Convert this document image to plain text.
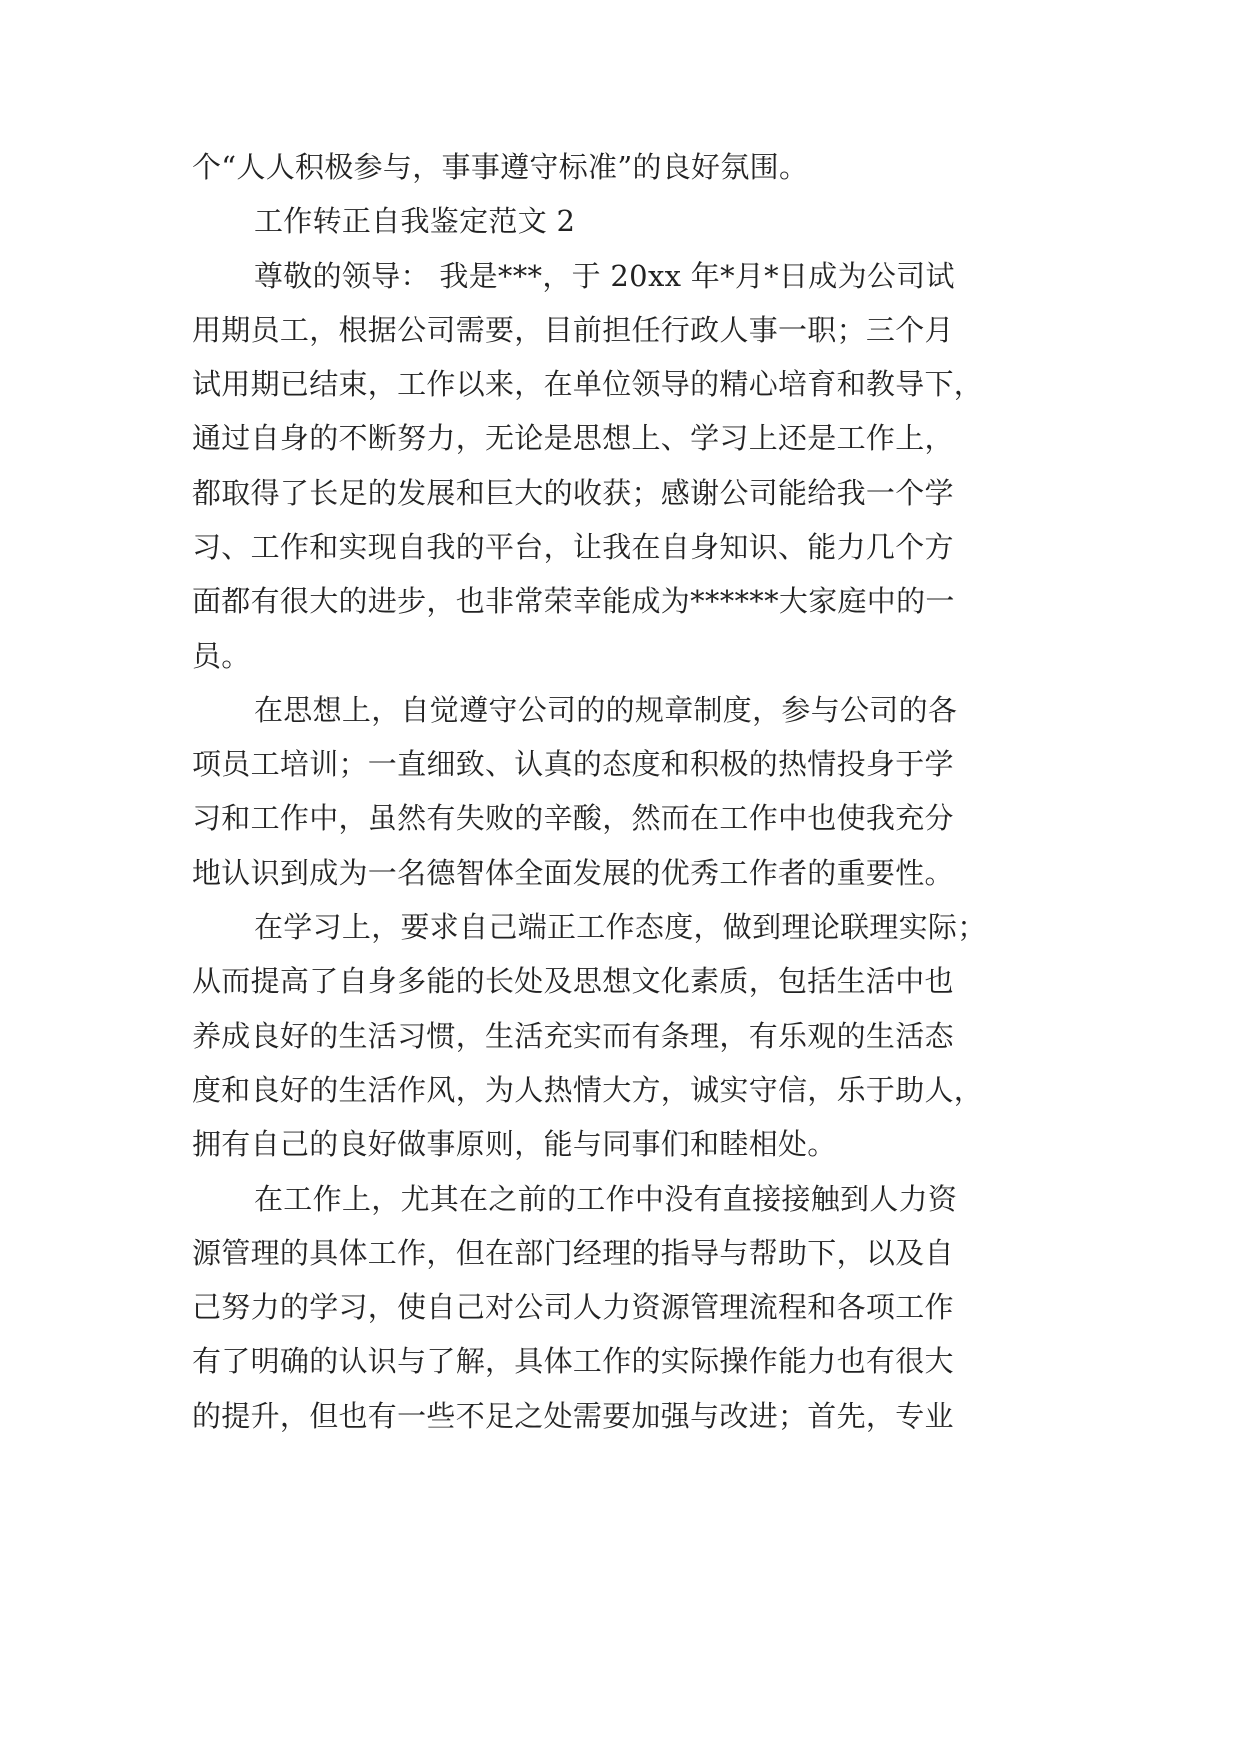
个“人人积极参与，事事遵守标准”的良好氛围。
工作转正自我鉴定范文 2
尊敬的领导： 我是***，于 20xx 年*月*日成为公司试
用期员工，根据公司需要，目前担任行政人事一职；三个月
试用期已结束，工作以来，在单位领导的精心培育和教导下，
通过自身的不断努力，无论是思想上、学习上还是工作上，
都取得了长足的发展和巨大的收获；感谢公司能给我一个学
习、工作和实现自我的平台，让我在自身知识、能力几个方
面都有很大的进步，也非常荣幸能成为******大家庭中的一
员。
在思想上，自觉遵守公司的的规章制度，参与公司的各
项员工培训；一直细致、认真的态度和积极的热情投身于学
习和工作中，虽然有失败的辛酸，然而在工作中也使我充分
地认识到成为一名德智体全面发展的优秀工作者的重要性。
在学习上，要求自己端正工作态度，做到理论联理实际；
从而提高了自身多能的长处及思想文化素质，包括生活中也
养成良好的生活习惯，生活充实而有条理，有乐观的生活态
度和良好的生活作风，为人热情大方，诚实守信，乐于助人，
拥有自己的良好做事原则，能与同事们和睦相处。
在工作上，尤其在之前的工作中没有直接接触到人力资
源管理的具体工作，但在部门经理的指导与帮助下，以及自
己努力的学习，使自己对公司人力资源管理流程和各项工作
有了明确的认识与了解，具体工作的实际操作能力也有很大
的提升，但也有一些不足之处需要加强与改进；首先，专业
